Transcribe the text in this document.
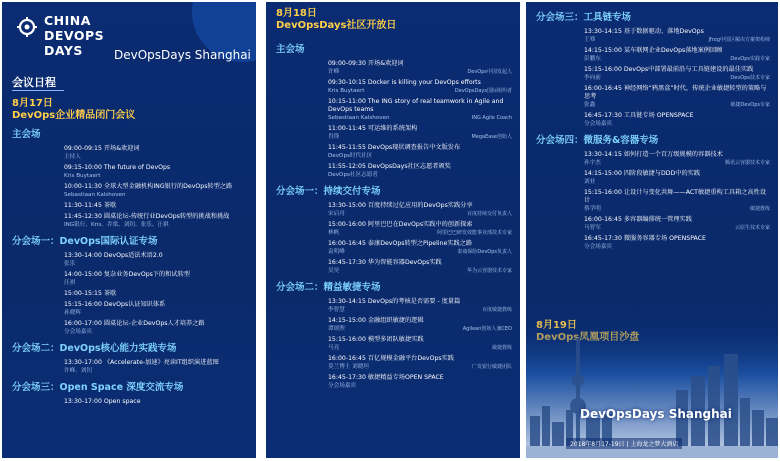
CHINA
DEVOPS
DAYS	DevOpsDays Shanghai
会议日程
8月17日
DevOps企业精品闭门会议
主会场
09:00-09:15 开场&欢迎词
主持人
09:15-10:00 The future of DevOps
Kris Buytaert
10:00-11:30 全球大型金融机构ING银行的DevOps转型之路
Sebastiaan Kalshoven
11:30-11:45 茶歇
11:45-12:30 圆桌论坛-传统行业DevOps转型的挑战和挑战
ING银行、Kris、乔梁、刘钊、张乐、汪祺
分会场一：DevOps国际认证专场
13:30-14:00 DevOps适法术语2.0
张乐
14:00-15:00 复杂业务DevOps下的和试转型
汪祺
15:00-15:15 茶歇
15:15-16:00 DevOps认证知识体系
孙晓辉
16:00-17:00 圆桌论坛-企业DevOps人才培养之路
分会场嘉宾
分会场二：DevOps核心能力实践专场
13:30-17:00 《Accelerate-加速》亮读IT组织演进蓝图
许峰、刘钊
分会场三：Open Space 深度交流专场
13:30-17:00 Open space
8月18日
DevOpsDays社区开放日
主会场
09:00-09:30 开场&欢迎词
许峰	DevOps中国发起人
09:30-10:15 Docker is killing your DevOps efforts
Kris Buytaert	DevOpsDays国际组织者
10:15-11:00 The ING story of real teamwork in Agile and DevOps teams
Sebastiaan Kalshoven	ING Agile Coach
11:00-11:45 可运维的系统架构
肖锋	MegaEase创始人
11:45-11:55 DevOps现状调查报告中文版发布
DevOps时代社区
11:55-12:05 DevOpsDays社区志愿者颁奖
DevOps社区志愿者
分会场一：持续交付专场
13:30-15:00 百度持续过亿应用的DevOps实践分享
宋启舟	百度持续交付负责人
15:00-16:00 阿里巴巴在DevOps实践中的创新探索
林帆	阿里巴巴研发效能事业部技术专家
16:00-16:45 泰康DevOps转型之Pipeline实践之路
袁明峰	泰康保险DevOps负责人
16:45-17:30 华为智能容器DevOps实践
吴昊	华为云容器技术专家
分会场二：精益敏捷专场
13:30-14:15 DevOps的考核是否需要 - 度量篇
李智慧	百度敏捷教练
14:15-15:00 金融组织敏捷的逻辑
谭颂煦	Agilean创始人兼CEO
15:15-16:00 模型多团队敏捷实践
马亮	敏捷教练
16:00-16:45 百亿规模金融平台DevOps实践
莫兰博士 刘晓坦	广发银行敏捷团队
16:45-17:30 敏捷精益专场OPEN SPACE
分会场嘉宾
分会场三：工具链专场
13:30-14:15 基于数据驱动、落地DevOps
王骞	Jfrog中国区解决方案架构师
14:15-15:00 某车联网企业DevOps落地案例回顾
彭鹏东	DevOps实践专家
15:15-16:00 DevOps中部署最前沿与工具链建设的最佳实践
李向前	DevOps技术专家
16:00-16:45 神经网络“鸦黑盒”时代，传统企业敏捷转型的策略与思考
张鑫	敏捷DevOps专家
16:45-17:30 工具链专场 OPENSPACE
分会场嘉宾
分会场四：微服务&容器专场
13:30-14:15 如何打造一个百万级规模的容器技术
孙宇杰	腾讯云容器技术专家
14:15-15:00 四阶段敏捷与DDD中的实践
刘业
15:15-16:00 让设计与变化共舞——ACT敏捷重构工具箱之高性设计
蔡学明	敏捷教练
16:00-16:45 多容器编排统一管理实践
马智军	云原生技术专家
16:45-17:30 微服务容器专场 OPENSPACE
分会场嘉宾
DevOpsDays Shanghai
2018年8月17-19日 | 上海龙之梦大酒店
